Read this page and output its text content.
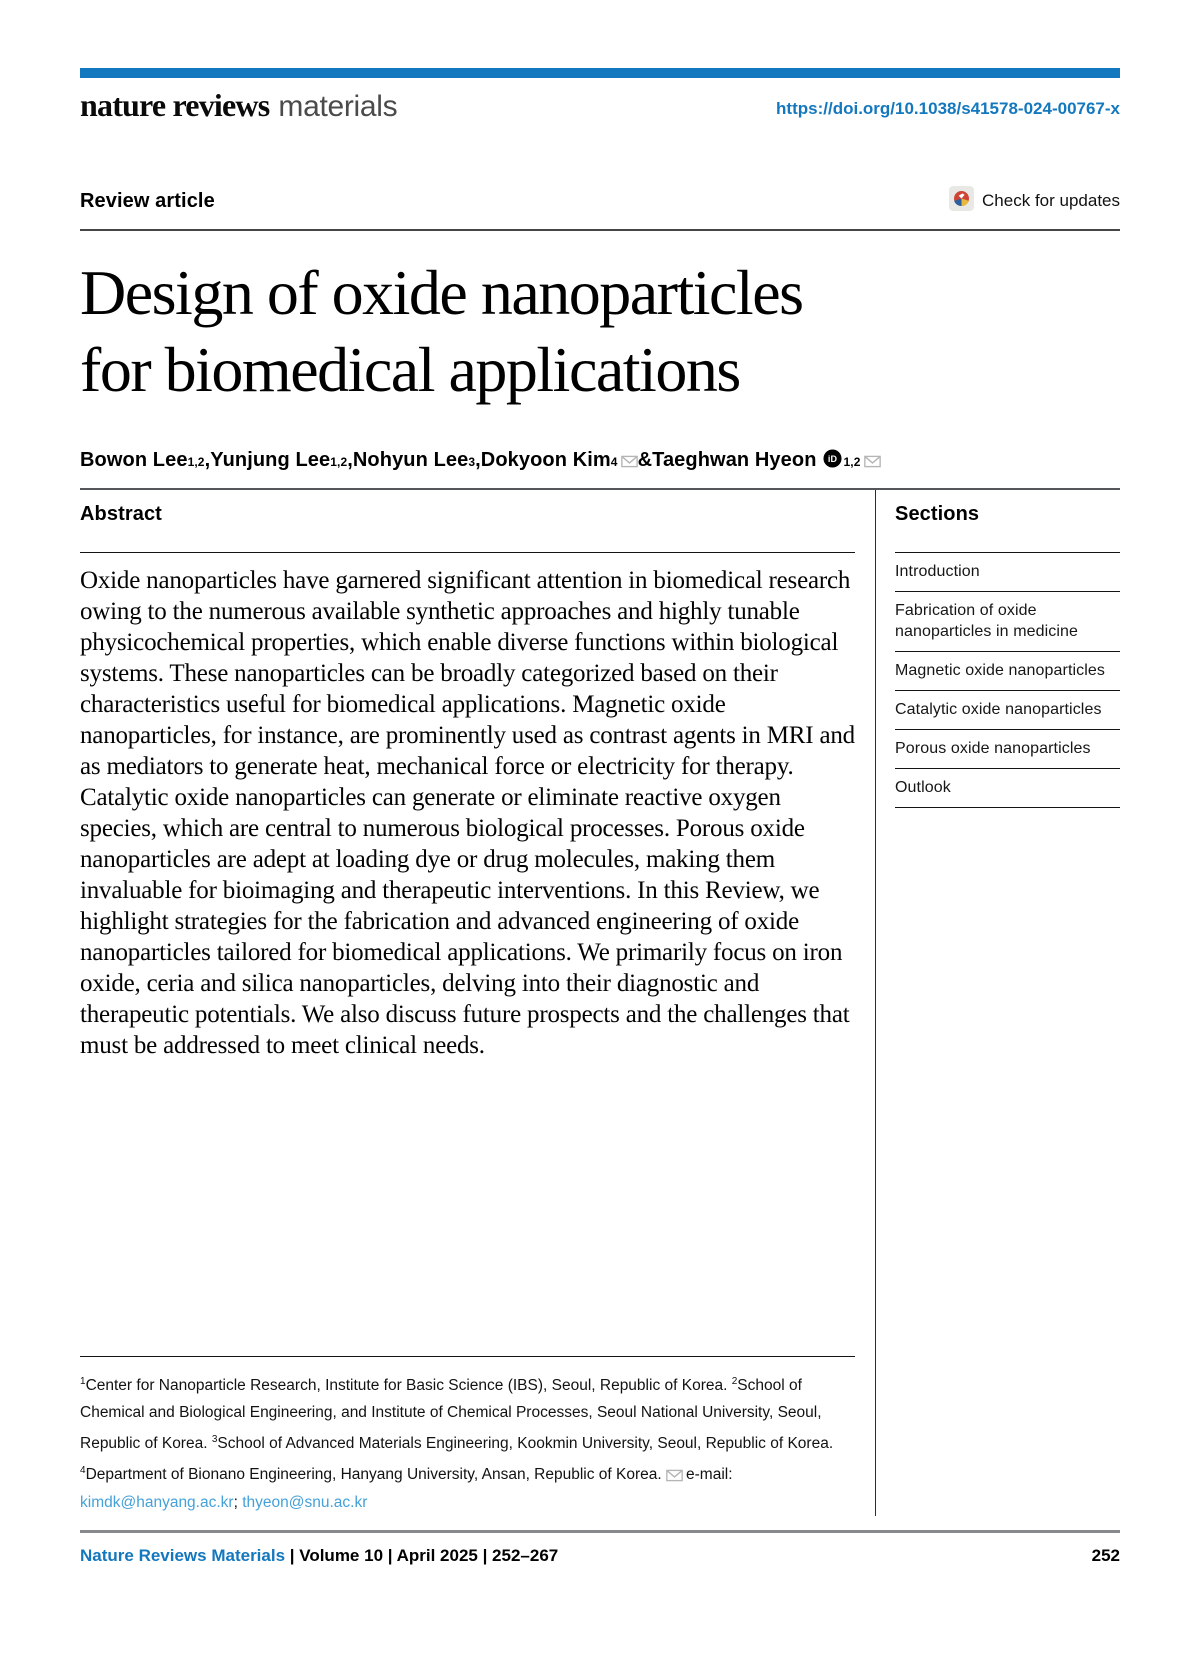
nature reviews materials	https://doi.org/10.1038/s41578-024-00767-x
Review article	Check for updates
Design of oxide nanoparticles
for biomedical applications
Bowon Lee 1,2 , Yunjung Lee 1,2 , Nohyun Lee 3 , Dokyoon Kim 4 & Taeghwan Hyeon iD 1,2
Abstract

Oxide nanoparticles have garnered significant attention in biomedical research owing to the numerous available synthetic approaches and highly tunable physicochemical properties, which enable diverse functions within biological systems. These nanoparticles can be broadly categorized based on their characteristics useful for biomedical applications. Magnetic oxide nanoparticles, for instance, are prominently used as contrast agents in MRI and as mediators to generate heat, mechanical force or electricity for therapy. Catalytic oxide nanoparticles can generate or eliminate reactive oxygen species, which are central to numerous biological processes. Porous oxide nanoparticles are adept at loading dye or drug molecules, making them invaluable for bioimaging and therapeutic interventions. In this Review, we highlight strategies for the fabrication and advanced engineering of oxide nanoparticles tailored for biomedical applications. We primarily focus on iron oxide, ceria and silica nanoparticles, delving into their diagnostic and therapeutic potentials. We also discuss future prospects and the challenges that must be addressed to meet clinical needs.

$^1$Center for Nanoparticle Research, Institute for Basic Science (IBS), Seoul, Republic of Korea. $^2$School of Chemical and Biological Engineering, and Institute of Chemical Processes, Seoul National University, Seoul, Republic of Korea. $^3$School of Advanced Materials Engineering, Kookmin University, Seoul, Republic of Korea. $^4$Department of Bionano Engineering, Hanyang University, Ansan, Republic of Korea. e-mail: kimdk@hanyang.ac.kr; thyeon@snu.ac.kr
Sections
Introduction
Fabrication of oxide nanoparticles in medicine
Magnetic oxide nanoparticles
Catalytic oxide nanoparticles
Porous oxide nanoparticles
Outlook
Nature Reviews Materials | Volume 10 | April 2025 | 252–267	252
